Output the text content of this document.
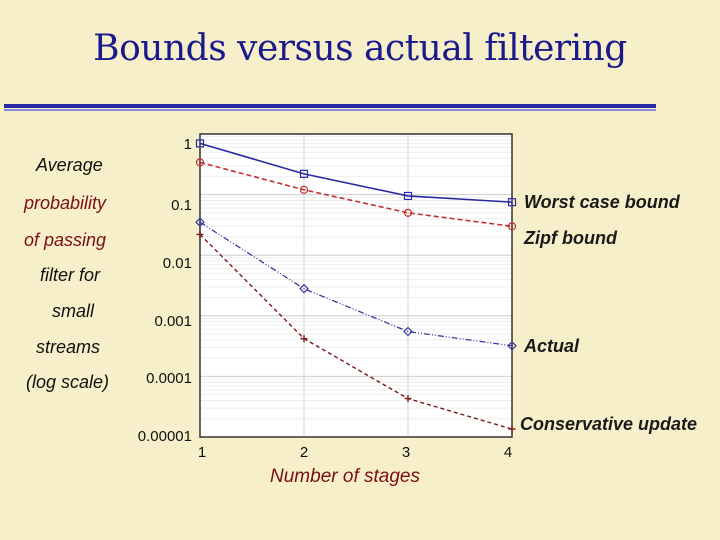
Bounds versus actual filtering
Average
probability
of passing
filter for
small
streams
(log scale)
1
0.1
0.01
0.001
0.0001
0.00001
1	2	3	4
Number of stages
Worst case bound
Zipf bound
Actual
Conservative update
